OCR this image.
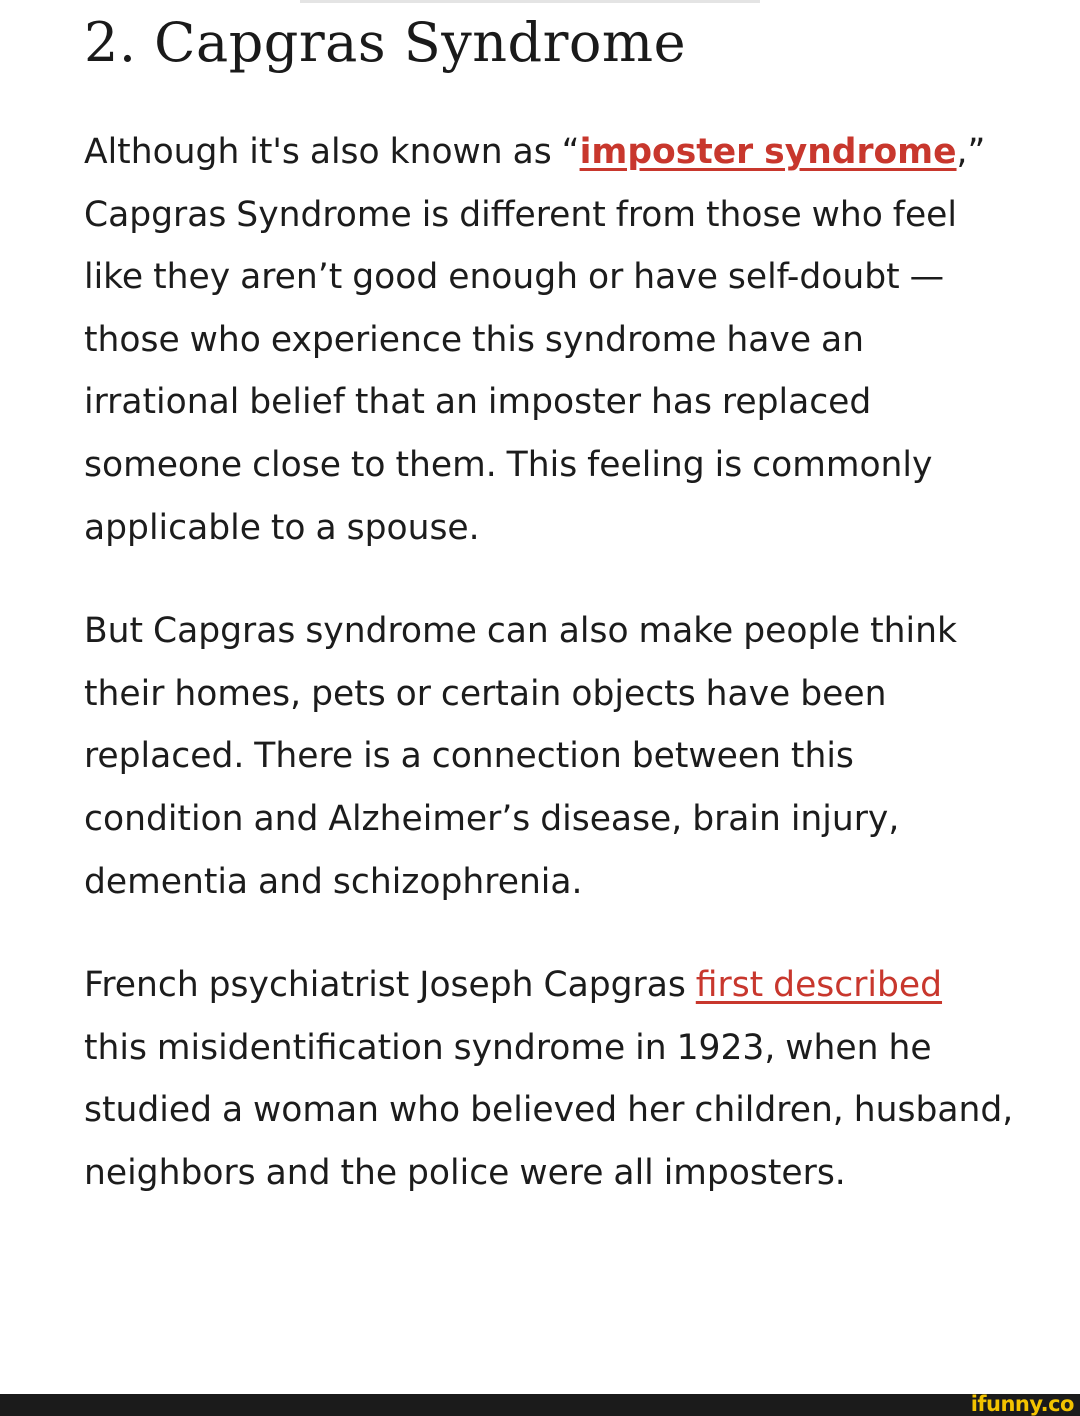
2. Capgras Syndrome

Although it's also known as “imposter syndrome,” Capgras Syndrome is different from those who feel like they aren’t good enough or have self-doubt — those who experience this syndrome have an irrational belief that an imposter has replaced someone close to them. This feeling is commonly applicable to a spouse.

But Capgras syndrome can also make people think their homes, pets or certain objects have been replaced. There is a connection between this condition and Alzheimer’s disease, brain injury, dementia and schizophrenia.

French psychiatrist Joseph Capgras first described this misidentification syndrome in 1923, when he studied a woman who believed her children, husband, neighbors and the police were all imposters.

ifunny.co
